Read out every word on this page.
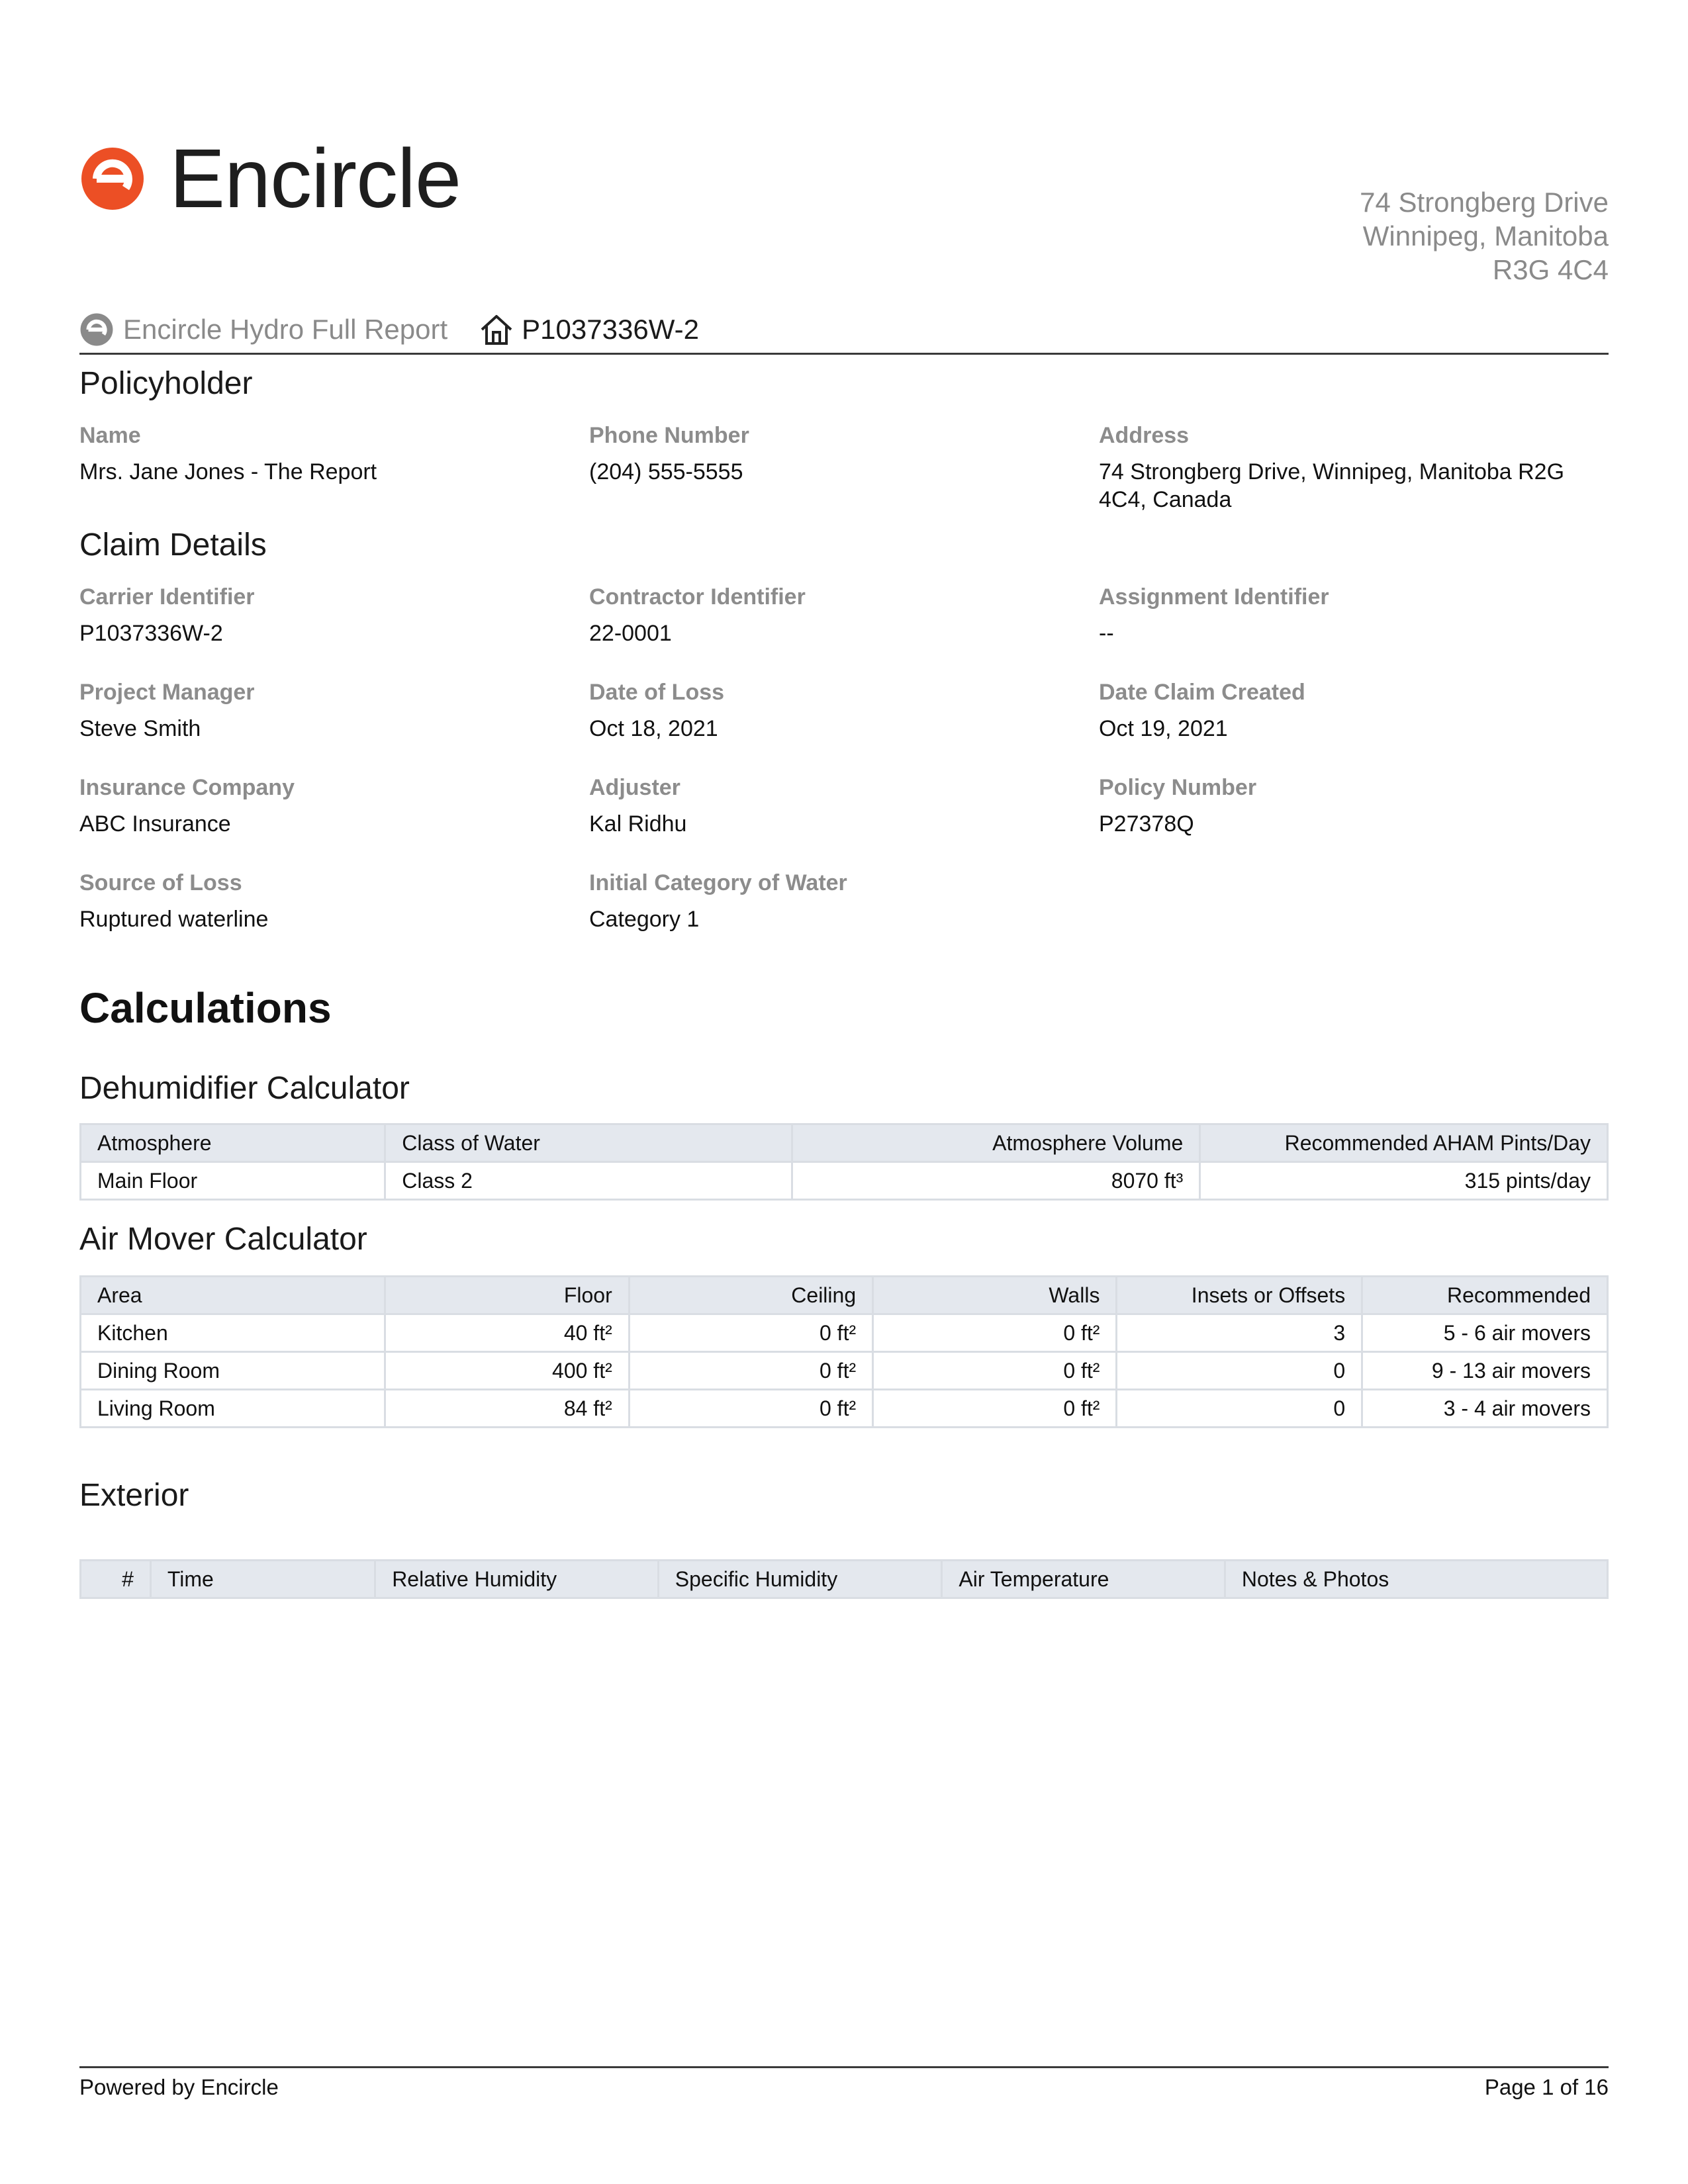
Encircle	74 Strongberg Drive
Winnipeg, Manitoba
R3G 4C4
Encircle Hydro Full Report	P1037336W-2
Policyholder
Name
Mrs. Jane Jones - The Report
Phone Number
(204) 555-5555
Address
74 Strongberg Drive, Winnipeg, Manitoba R2G 4C4, Canada
Claim Details
Carrier Identifier
P1037336W-2
Contractor Identifier
22-0001
Assignment Identifier
--
Project Manager
Steve Smith
Date of Loss
Oct 18, 2021
Date Claim Created
Oct 19, 2021
Insurance Company
ABC Insurance
Adjuster
Kal Ridhu
Policy Number
P27378Q
Source of Loss
Ruptured waterline
Initial Category of Water
Category 1
Calculations
Dehumidifier Calculator
Atmosphere	Class of Water	Atmosphere Volume	Recommended AHAM Pints/Day
Main Floor	Class 2	8070 ft³	315 pints/day
Air Mover Calculator
Area	Floor	Ceiling	Walls	Insets or Offsets	Recommended
Kitchen	40 ft²	0 ft²	0 ft²	3	5 - 6 air movers
Dining Room	400 ft²	0 ft²	0 ft²	0	9 - 13 air movers
Living Room	84 ft²	0 ft²	0 ft²	0	3 - 4 air movers
Exterior
#	Time	Relative Humidity	Specific Humidity	Air Temperature	Notes & Photos
Powered by Encircle	Page 1 of 16
